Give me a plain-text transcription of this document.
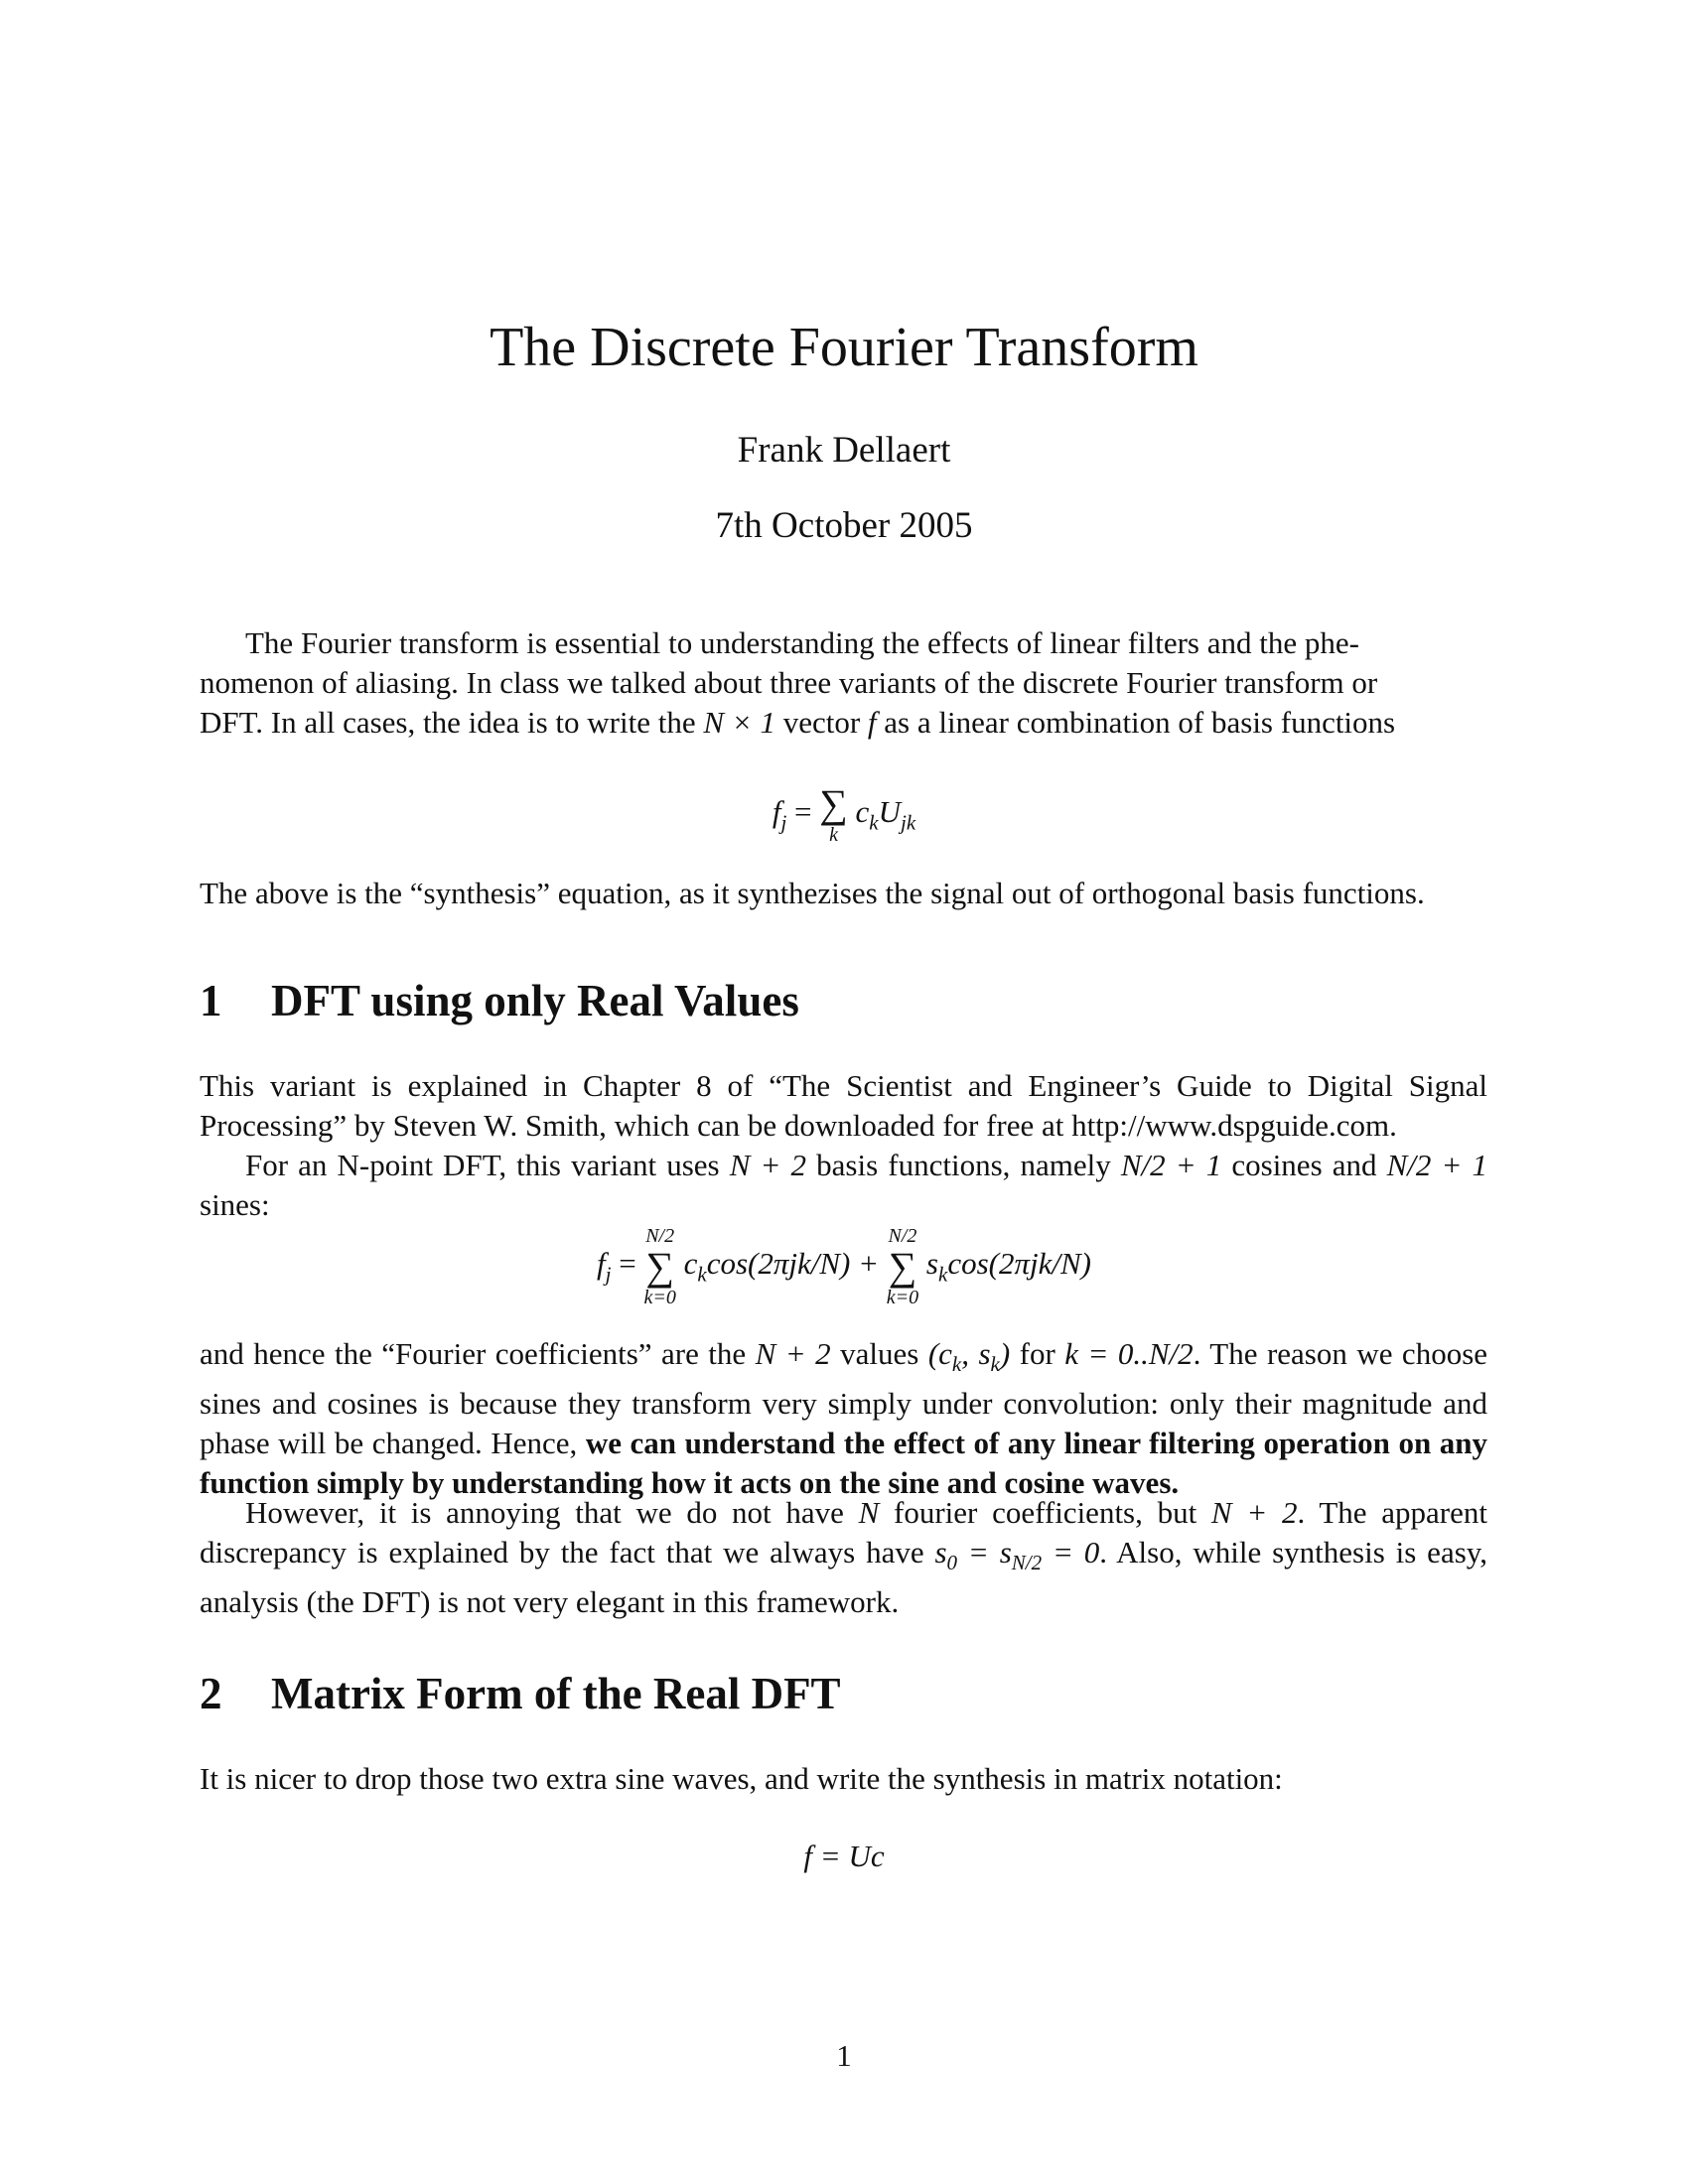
The Discrete Fourier Transform
Frank Dellaert
7th October 2005
The Fourier transform is essential to understanding the effects of linear filters and the phe-
nomenon of aliasing. In class we talked about three variants of the discrete Fourier transform or
DFT. In all cases, the idea is to write the N × 1 vector f as a linear combination of basis functions
$f_j$ = ∑
k
$c_kU_{jk}$
The above is the “synthesis” equation, as it synthezises the signal out of orthogonal basis functions.
1 DFT using only Real Values
This variant is explained in Chapter 8 of “The Scientist and Engineer’s Guide to Digital Signal Processing” by Steven W. Smith, which can be downloaded for free at http://www.dspguide.com.
For an N-point DFT, this variant uses N + 2 basis functions, namely N/2 + 1 cosines and N/2 + 1 sines:
$f_j$ =
N/2
∑
k=0
$c_k\cos(2\pi jk/N)$ +
N/2
∑
k=0
$s_k\cos(2\pi jk/N)$
and hence the “Fourier coefficients” are the N + 2 values ($c_k$, $s_k$) for k = 0..N/2. The reason we choose sines and cosines is because they transform very simply under convolution: only their magnitude and phase will be changed. Hence, we can understand the effect of any linear filtering operation on any function simply by understanding how it acts on the sine and cosine waves.
However, it is annoying that we do not have N fourier coefficients, but N + 2. The apparent discrepancy is explained by the fact that we always have $s_0 = s_{N/2} = 0$. Also, while synthesis is easy, analysis (the DFT) is not very elegant in this framework.
2 Matrix Form of the Real DFT
It is nicer to drop those two extra sine waves, and write the synthesis in matrix notation:
f = Uc
1
